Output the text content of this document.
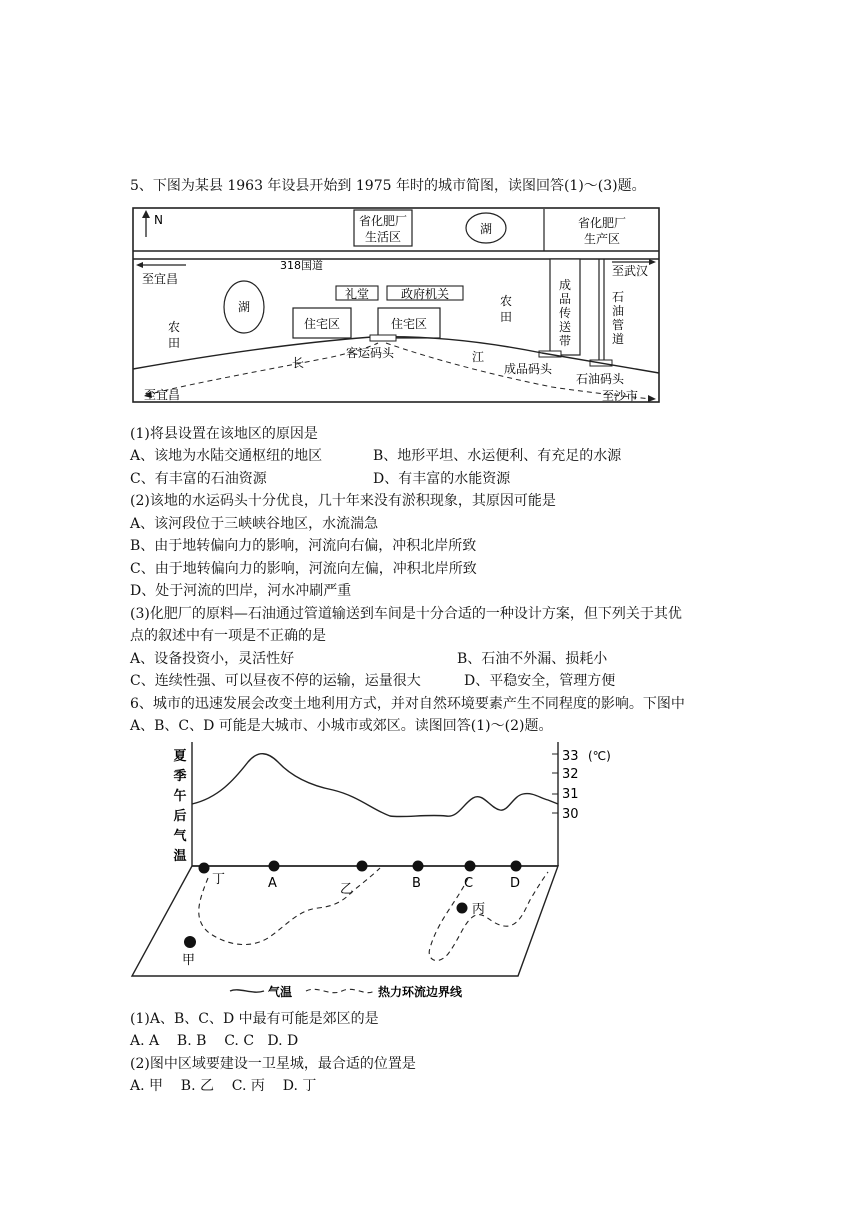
5、下图为某县 1963 年设县开始到 1975 年时的城市简图，读图回答(1)～(3)题。
N	省化肥厂
生活区
湖	省化肥厂
生产区
至宜昌
318国道
湖
农
田
礼堂	政府机关
住宅区	住宅区
农
田
成
品
传
送
带
至武汉
石
油
管
道
客运码头
长	江
成品码头
石油码头
至宜昌	至沙市
(1)将县设置在该地区的原因是
A、该地为水陆交通枢纽的地区	B、地形平坦、水运便利、有充足的水源
C、有丰富的石油资源	D、有丰富的水能资源
(2)该地的水运码头十分优良，几十年来没有淤积现象，其原因可能是
A、该河段位于三峡峡谷地区，水流湍急
B、由于地转偏向力的影响，河流向右偏，冲积北岸所致
C、由于地转偏向力的影响，河流向左偏，冲积北岸所致
D、处于河流的凹岸，河水冲刷严重
(3)化肥厂的原料—石油通过管道输送到车间是十分合适的一种设计方案，但下列关于其优
点的叙述中有一项是不正确的是
A、设备投资小，灵活性好	B、石油不外漏、损耗小
C、连续性强、可以昼夜不停的运输，运量很大	D、平稳安全，管理方便
6、城市的迅速发展会改变土地利用方式，并对自然环境要素产生不同程度的影响。下图中
A、B、C、D 可能是大城市、小城市或郊区。读图回答(1)～(2)题。
夏
季
午
后
气
温
33 (℃)
32
31
30
丁	A	乙	B	C	D
丙
甲
气温	热力环流边界线
(1)A、B、C、D 中最有可能是郊区的是
A. A    B. B    C. C   D. D
(2)图中区域要建设一卫星城，最合适的位置是
A. 甲    B. 乙    C. 丙    D. 丁
